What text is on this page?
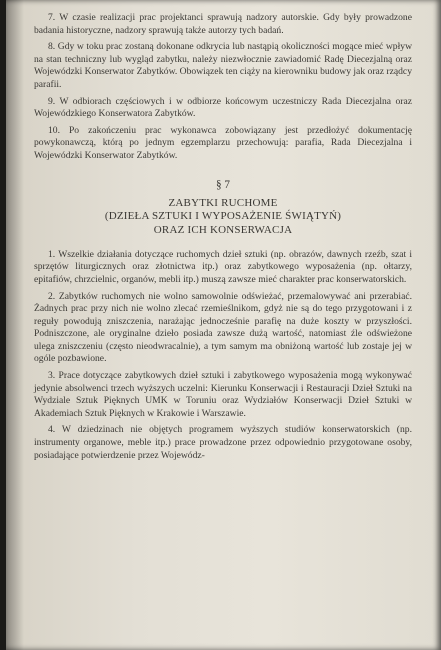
7. W czasie realizacji prac projektanci sprawują nadzory autorskie. Gdy były prowadzone badania historyczne, nadzory sprawują także autorzy tych badań.

8. Gdy w toku prac zostaną dokonane odkrycia lub nastąpią okoliczności mogące mieć wpływ na stan techniczny lub wygląd zabytku, należy niezwłocznie zawiadomić Radę Diecezjalną oraz Wojewódzki Konserwator Zabytków. Obowiązek ten ciąży na kierowniku budowy jak oraz rządcy parafii.

9. W odbiorach częściowych i w odbiorze końcowym uczestniczy Rada Diecezjalna oraz Wojewódzkiego Konserwatora Zabytków.

10. Po zakończeniu prac wykonawca zobowiązany jest przedłożyć dokumentację powykonawczą, którą po jednym egzemplarzu przechowują: parafia, Rada Diecezjalna i Wojewódzki Konserwator Zabytków.

§ 7
ZABYTKI RUCHOME
(DZIEŁA SZTUKI I WYPOSAŻENIE ŚWIĄTYŃ)
ORAZ ICH KONSERWACJA

1. Wszelkie działania dotyczące ruchomych dzieł sztuki (np. obrazów, dawnych rzeźb, szat i sprzętów liturgicznych oraz złotnictwa itp.) oraz zabytkowego wyposażenia (np. ołtarzy, epitafiów, chrzcielnic, organów, mebli itp.) muszą zawsze mieć charakter prac konserwatorskich.

2. Zabytków ruchomych nie wolno samowolnie odświeżać, przemalowywać ani przerabiać. Żadnych prac przy nich nie wolno zlecać rzemieślnikom, gdyż nie są do tego przygotowani i z reguły powodują zniszczenia, narażając jednocześnie parafię na duże koszty w przyszłości. Podniszczone, ale oryginalne dzieło posiada zawsze dużą wartość, natomiast źle odświeżone ulega zniszczeniu (często nieodwracalnie), a tym samym ma obniżoną wartość lub zostaje jej w ogóle pozbawione.

3. Prace dotyczące zabytkowych dzieł sztuki i zabytkowego wyposażenia mogą wykonywać jedynie absolwenci trzech wyższych uczelni: Kierunku Konserwacji i Restauracji Dzieł Sztuki na Wydziale Sztuk Pięknych UMK w Toruniu oraz Wydziałów Konserwacji Dzieł Sztuki w Akademiach Sztuk Pięknych w Krakowie i Warszawie.

4. W dziedzinach nie objętych programem wyższych studiów konserwatorskich (np. instrumenty organowe, meble itp.) prace prowadzone przez odpowiednio przygotowane osoby, posiadające potwierdzenie przez Wojewódz-
